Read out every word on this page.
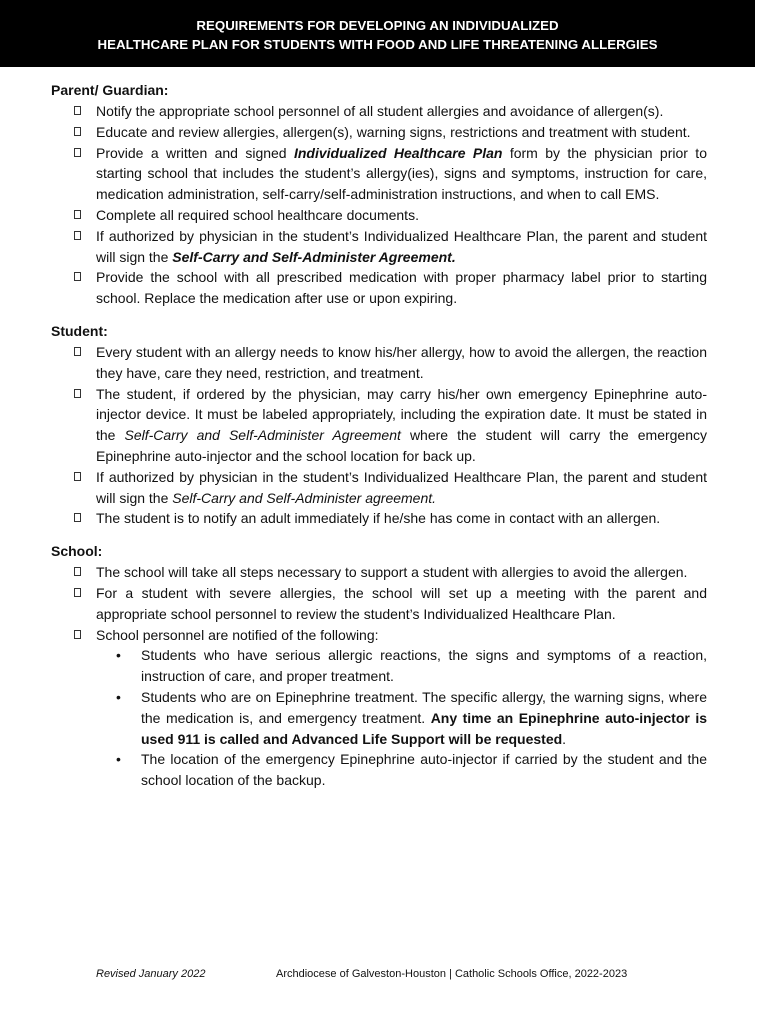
REQUIREMENTS FOR DEVELOPING AN INDIVIDUALIZED
HEALTHCARE PLAN FOR STUDENTS WITH FOOD AND LIFE THREATENING ALLERGIES
Parent/ Guardian:
Notify the appropriate school personnel of all student allergies and avoidance of allergen(s).
Educate and review allergies, allergen(s), warning signs, restrictions and treatment with student.
Provide a written and signed Individualized Healthcare Plan form by the physician prior to starting school that includes the student’s allergy(ies), signs and symptoms, instruction for care, medication administration, self-carry/self-administration instructions, and when to call EMS.
Complete all required school healthcare documents.
If authorized by physician in the student’s Individualized Healthcare Plan, the parent and student will sign the Self-Carry and Self-Administer Agreement.
Provide the school with all prescribed medication with proper pharmacy label prior to starting school. Replace the medication after use or upon expiring.
Student:
Every student with an allergy needs to know his/her allergy, how to avoid the allergen, the reaction they have, care they need, restriction, and treatment.
The student, if ordered by the physician, may carry his/her own emergency Epinephrine auto-injector device. It must be labeled appropriately, including the expiration date. It must be stated in the Self-Carry and Self-Administer Agreement where the student will carry the emergency Epinephrine auto-injector and the school location for back up.
If authorized by physician in the student’s Individualized Healthcare Plan, the parent and student will sign the Self-Carry and Self-Administer agreement.
The student is to notify an adult immediately if he/she has come in contact with an allergen.
School:
The school will take all steps necessary to support a student with allergies to avoid the allergen.
For a student with severe allergies, the school will set up a meeting with the parent and appropriate school personnel to review the student’s Individualized Healthcare Plan.
School personnel are notified of the following:
• Students who have serious allergic reactions, the signs and symptoms of a reaction, instruction of care, and proper treatment.
• Students who are on Epinephrine treatment. The specific allergy, the warning signs, where the medication is, and emergency treatment. Any time an Epinephrine auto-injector is used 911 is called and Advanced Life Support will be requested.
• The location of the emergency Epinephrine auto-injector if carried by the student and the school location of the backup.
Revised January 2022	Archdiocese of Galveston-Houston | Catholic Schools Office, 2022-2023
